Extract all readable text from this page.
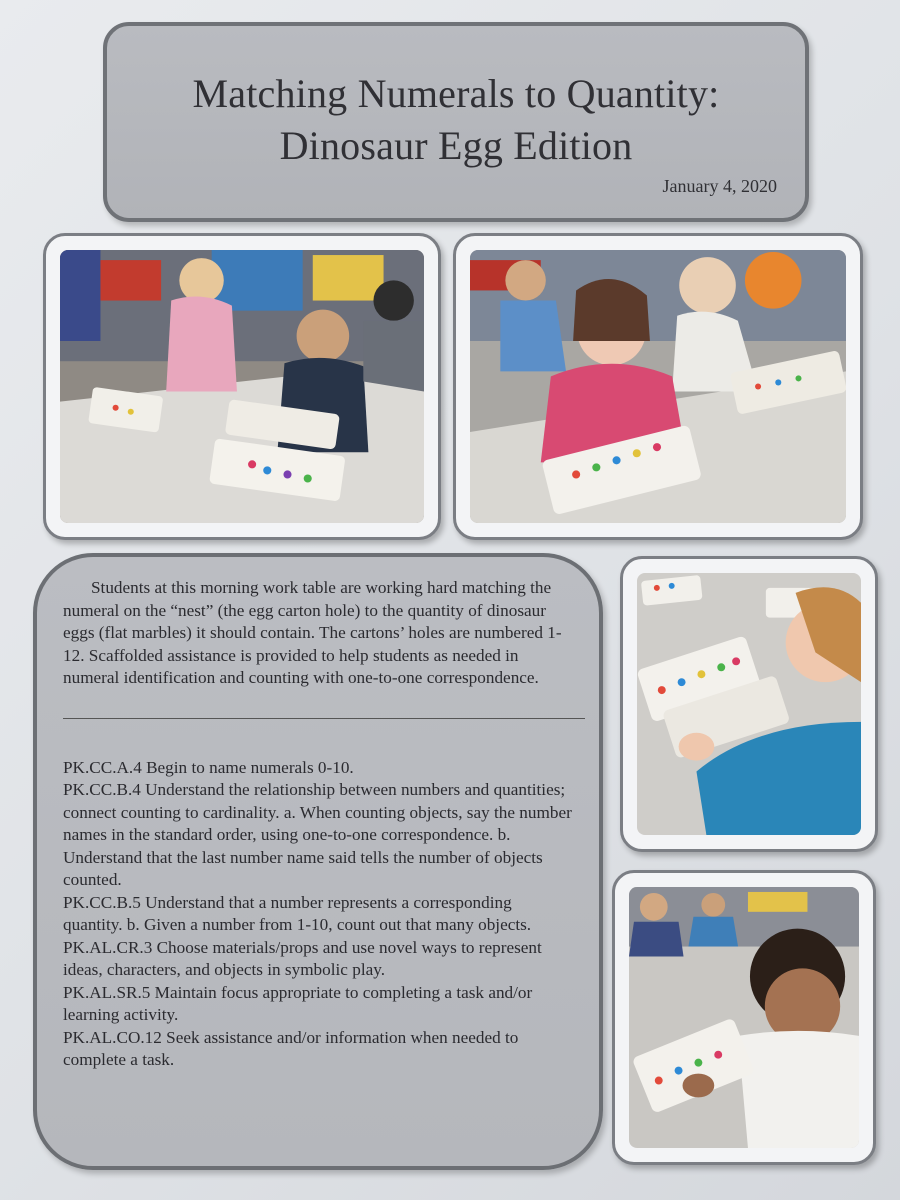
Matching Numerals to Quantity:
Dinosaur Egg Edition
January 4, 2020

Students at this morning work table are working hard matching the numeral on the “nest” (the egg carton hole) to the quantity of dinosaur eggs (flat marbles) it should contain. The cartons’ holes are numbered 1-12. Scaffolded assistance is provided to help students as needed in numeral identification and counting with one-to-one correspondence.

PK.CC.A.4 Begin to name numerals 0-10.
PK.CC.B.4 Understand the relationship between numbers and quantities; connect counting to cardinality. a. When counting objects, say the number names in the standard order, using one-to-one correspondence. b. Understand that the last number name said tells the number of objects counted.
PK.CC.B.5 Understand that a number represents a corresponding quantity. b. Given a number from 1-10, count out that many objects.
PK.AL.CR.3 Choose materials/props and use novel ways to represent ideas, characters, and objects in symbolic play.
PK.AL.SR.5 Maintain focus appropriate to completing a task and/or learning activity.
PK.AL.CO.12 Seek assistance and/or information when needed to complete a task.
